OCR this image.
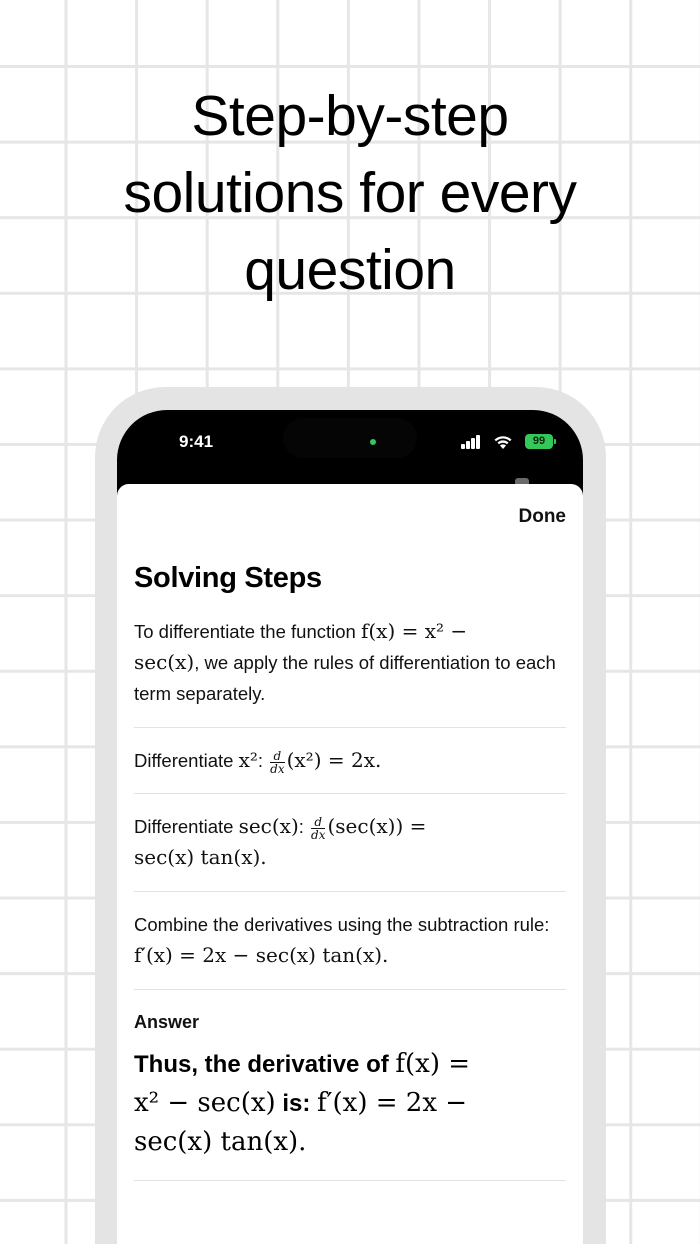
Step-by-step
solutions for every
question
9:41	99
Done
Solving Steps
To differentiate the function f(x) = x² −
sec(x), we apply the rules of differentiation to each term separately.
Differentiate x²: $\frac{d}{dx} (x^2) = 2x$.
Differentiate sec(x): $\frac{d}{dx} (\sec(x))$ =
sec(x) tan(x).
Combine the derivatives using the subtraction rule: f′(x) = 2x − sec(x) tan(x).
Answer
Thus, the derivative of f(x) =
x² − sec(x) is: f′(x) = 2x −
sec(x) tan(x).
